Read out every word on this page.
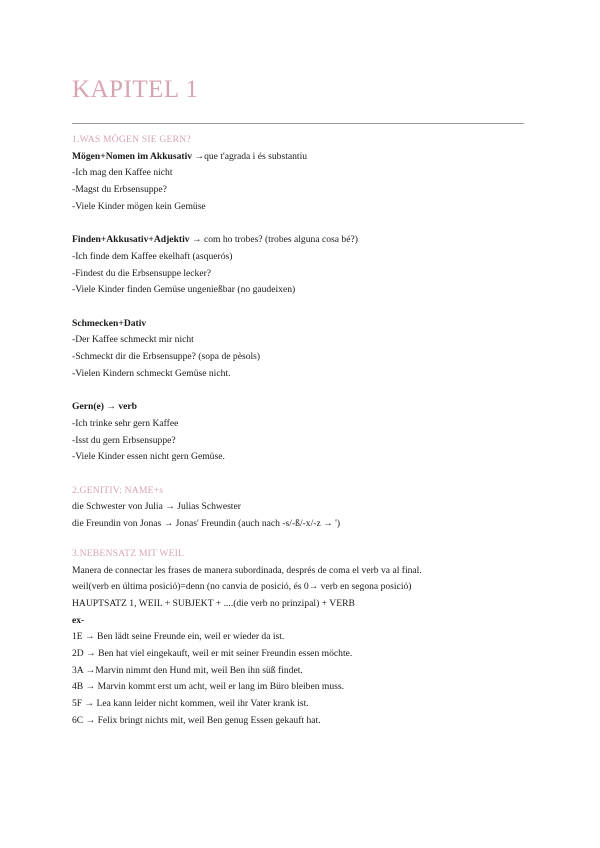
KAPITEL 1
1.WAS MÖGEN SIE GERN?
Mögen+Nomen im Akkusativ →que t'agrada i és substantiu
-Ich mag den Kaffee nicht
-Magst du Erbsensuppe?
-Viele Kinder mögen kein Gemüse
Finden+Akkusativ+Adjektiv → com ho trobes? (trobes alguna cosa bé?)
-Ich finde dem Kaffee ekelhaft (asquerós)
-Findest du die Erbsensuppe lecker?
-Viele Kinder finden Gemüse ungenießbar (no gaudeixen)
Schmecken+Dativ
-Der Kaffee schmeckt mir nicht
-Schmeckt dir die Erbsensuppe? (sopa de pèsols)
-Vielen Kindern schmeckt Gemüse nicht.
Gern(e) → verb
-Ich trinke sehr gern Kaffee
-Isst du gern Erbsensuppe?
-Viele Kinder essen nicht gern Gemüse.
2.GENITIV: NAME+s
die Schwester von Julia → Julias Schwester
die Freundin von Jonas → Jonas' Freundin (auch nach -s/-ß/-x/-z → ')
3.NEBENSATZ MIT WEIL
Manera de connectar les frases de manera subordinada, després de coma el verb va al final.
weil(verb en última posició)=denn (no canvia de posició, és 0→ verb en segona posició)
HAUPTSATZ 1, WEIL + SUBJEKT + ....(die verb no prinzipal) + VERB
ex-
1E → Ben lädt seine Freunde ein, weil er wieder da ist.
2D → Ben hat viel eingekauft, weil er mit seiner Freundin essen möchte.
3A →Marvin nimmt den Hund mit, weil Ben ihn süß findet.
4B → Marvin kommt erst um acht, weil er lang im Büro bleiben muss.
5F → Lea kann leider nicht kommen, weil ihr Vater krank ist.
6C → Felix bringt nichts mit, weil Ben genug Essen gekauft hat.
